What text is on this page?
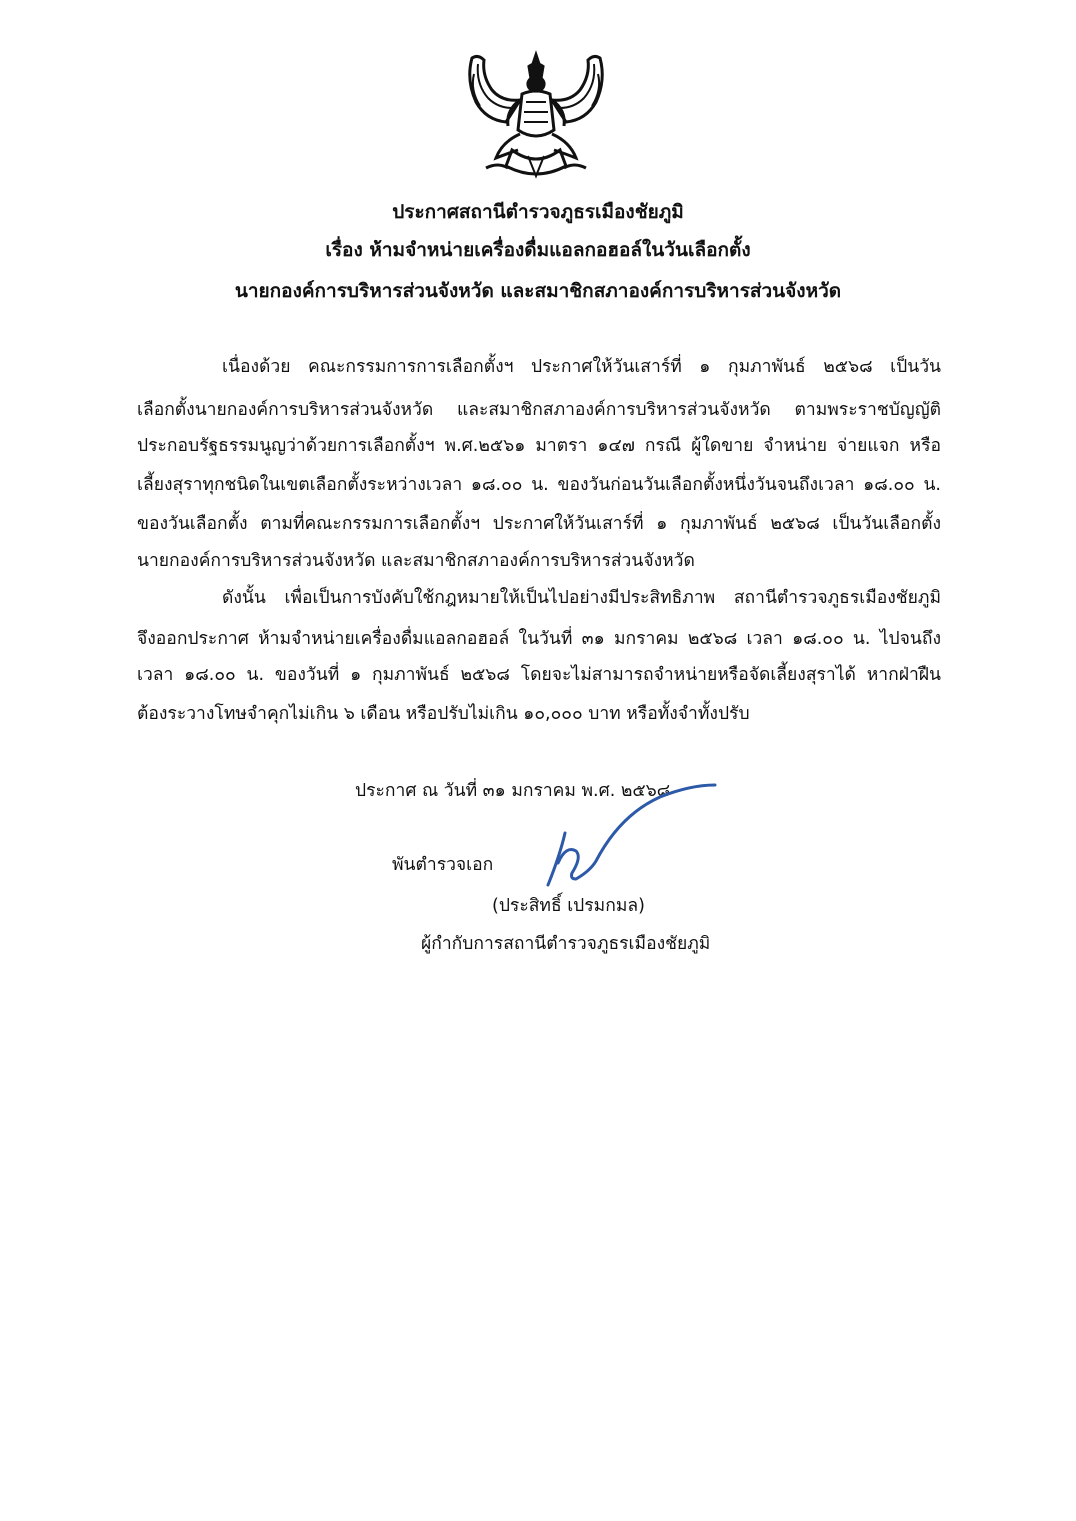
ประกาศสถานีตำรวจภูธรเมืองชัยภูมิ
เรื่อง ห้ามจำหน่ายเครื่องดื่มแอลกอฮอล์ในวันเลือกตั้ง
นายกองค์การบริหารส่วนจังหวัด และสมาชิกสภาองค์การบริหารส่วนจังหวัด
เนื่องด้วย คณะกรรมการการเลือกตั้งฯ ประกาศให้วันเสาร์ที่ ๑ กุมภาพันธ์ ๒๕๖๘ เป็นวัน
เลือกตั้งนายกองค์การบริหารส่วนจังหวัด และสมาชิกสภาองค์การบริหารส่วนจังหวัด ตามพระราชบัญญัติ
ประกอบรัฐธรรมนูญว่าด้วยการเลือกตั้งฯ พ.ศ.๒๕๖๑ มาตรา ๑๔๗ กรณี ผู้ใดขาย จำหน่าย จ่ายแจก หรือ
เลี้ยงสุราทุกชนิดในเขตเลือกตั้งระหว่างเวลา ๑๘.๐๐ น. ของวันก่อนวันเลือกตั้งหนึ่งวันจนถึงเวลา ๑๘.๐๐ น.
ของวันเลือกตั้ง ตามที่คณะกรรมการเลือกตั้งฯ ประกาศให้วันเสาร์ที่ ๑ กุมภาพันธ์ ๒๕๖๘ เป็นวันเลือกตั้ง
นายกองค์การบริหารส่วนจังหวัด และสมาชิกสภาองค์การบริหารส่วนจังหวัด
ดังนั้น เพื่อเป็นการบังคับใช้กฎหมายให้เป็นไปอย่างมีประสิทธิภาพ สถานีตำรวจภูธรเมืองชัยภูมิ
จึงออกประกาศ ห้ามจำหน่ายเครื่องดื่มแอลกอฮอล์ ในวันที่ ๓๑ มกราคม ๒๕๖๘ เวลา ๑๘.๐๐ น. ไปจนถึง
เวลา ๑๘.๐๐ น. ของวันที่ ๑ กุมภาพันธ์ ๒๕๖๘ โดยจะไม่สามารถจำหน่ายหรือจัดเลี้ยงสุราได้ หากฝ่าฝืน
ต้องระวางโทษจำคุกไม่เกิน ๖ เดือน หรือปรับไม่เกิน ๑๐,๐๐๐ บาท หรือทั้งจำทั้งปรับ
ประกาศ ณ วันที่ ๓๑ มกราคม พ.ศ. ๒๕๖๘
พันตำรวจเอก
(ประสิทธิ์ เปรมกมล)
ผู้กำกับการสถานีตำรวจภูธรเมืองชัยภูมิ
